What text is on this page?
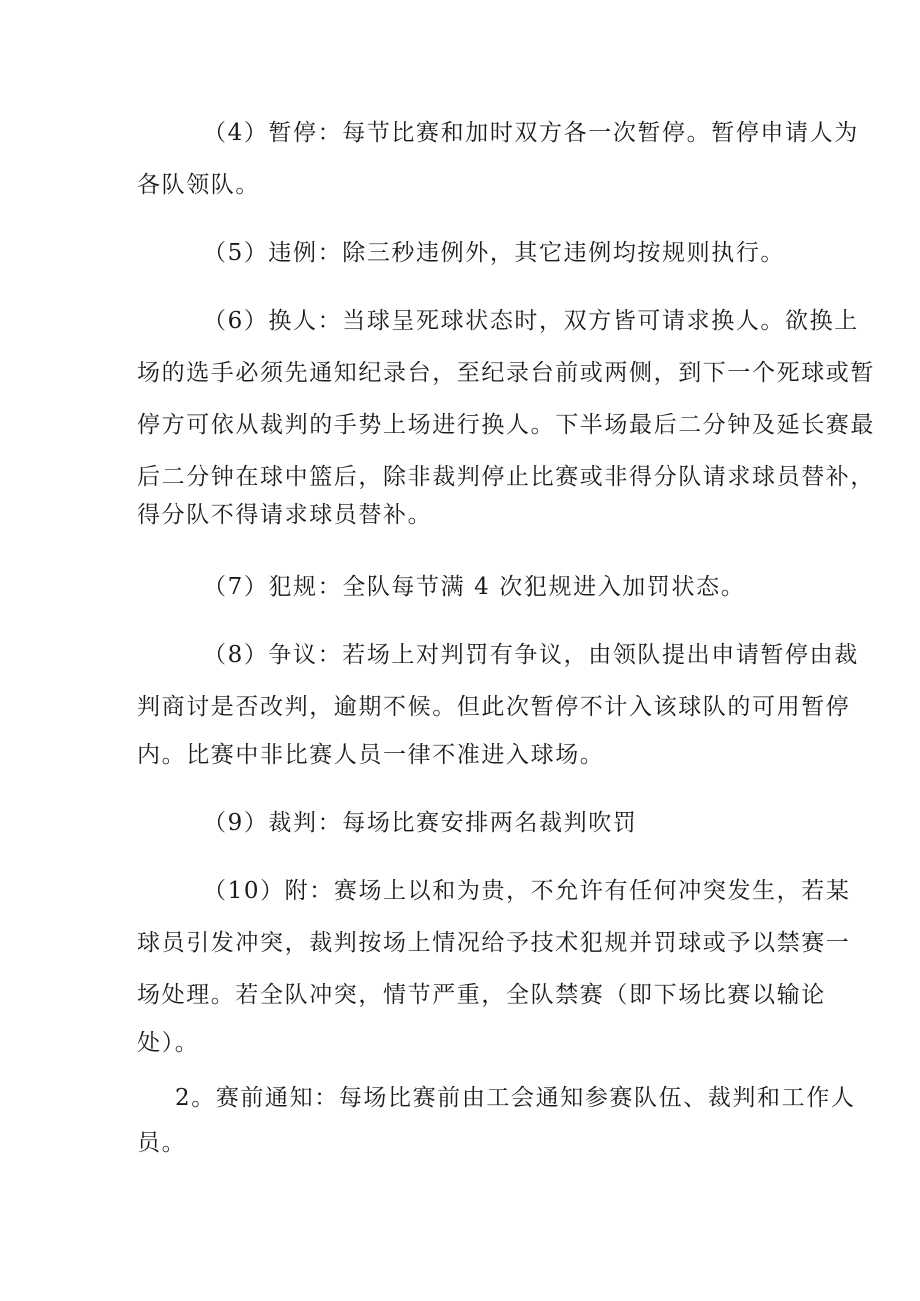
（4）暂停：每节比赛和加时双方各一次暂停。暂停申请人为
各队领队。
（5）违例：除三秒违例外，其它违例均按规则执行。
（6）换人：当球呈死球状态时，双方皆可请求换人。欲换上
场的选手必须先通知纪录台，至纪录台前或两侧，到下一个死球或暂
停方可依从裁判的手势上场进行换人。下半场最后二分钟及延长赛最
后二分钟在球中篮后，除非裁判停止比赛或非得分队请求球员替补，
得分队不得请求球员替补。
（7）犯规：全队每节满 4 次犯规进入加罚状态。
（8）争议：若场上对判罚有争议，由领队提出申请暂停由裁
判商讨是否改判，逾期不候。但此次暂停不计入该球队的可用暂停
内。比赛中非比赛人员一律不准进入球场。
（9）裁判：每场比赛安排两名裁判吹罚
（10）附：赛场上以和为贵，不允许有任何冲突发生，若某
球员引发冲突，裁判按场上情况给予技术犯规并罚球或予以禁赛一
场处理。若全队冲突，情节严重，全队禁赛（即下场比赛以输论
处）。
2。赛前通知：每场比赛前由工会通知参赛队伍、裁判和工作人
员。
